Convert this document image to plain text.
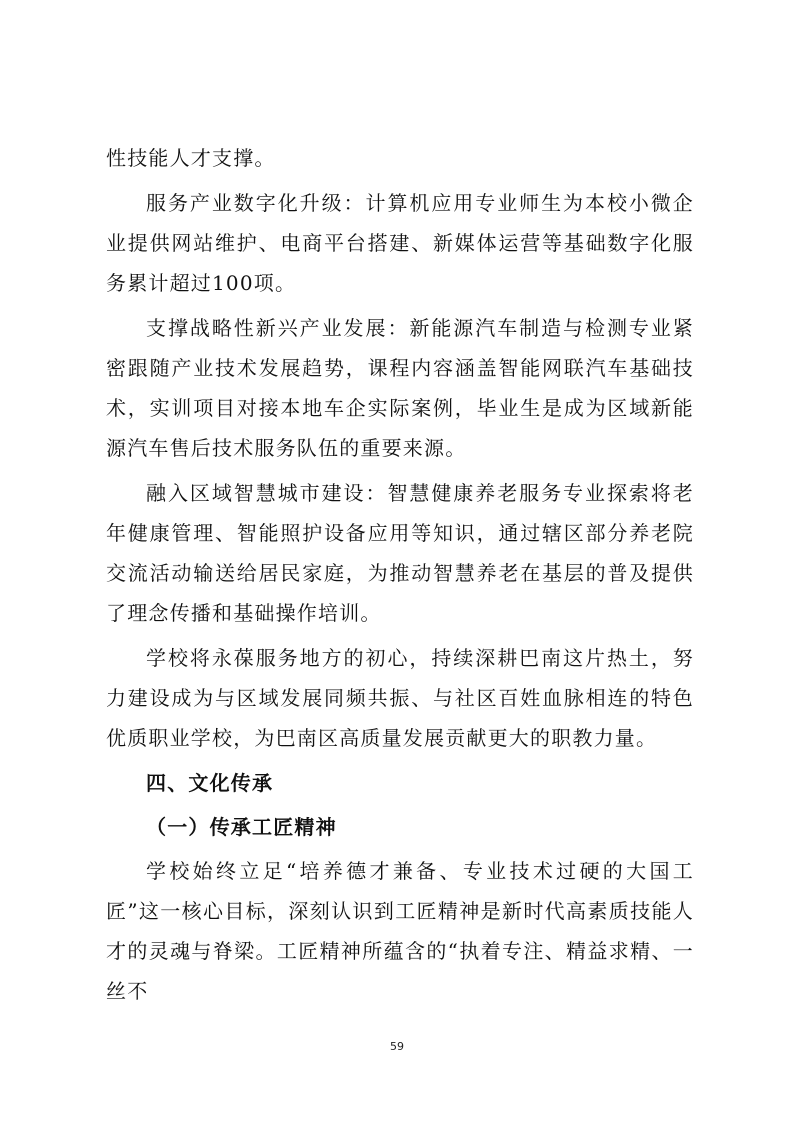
性技能人才支撑。

服务产业数字化升级：计算机应用专业师生为本校小微企业提供网站维护、电商平台搭建、新媒体运营等基础数字化服务累计超过100项。

支撑战略性新兴产业发展：新能源汽车制造与检测专业紧密跟随产业技术发展趋势，课程内容涵盖智能网联汽车基础技术，实训项目对接本地车企实际案例，毕业生是成为区域新能源汽车售后技术服务队伍的重要来源。

融入区域智慧城市建设：智慧健康养老服务专业探索将老年健康管理、智能照护设备应用等知识，通过辖区部分养老院交流活动输送给居民家庭，为推动智慧养老在基层的普及提供了理念传播和基础操作培训。

学校将永葆服务地方的初心，持续深耕巴南这片热土，努力建设成为与区域发展同频共振、与社区百姓血脉相连的特色优质职业学校，为巴南区高质量发展贡献更大的职教力量。

四、文化传承
（一）传承工匠精神

学校始终立足“培养德才兼备、专业技术过硬的大国工匠”这一核心目标，深刻认识到工匠精神是新时代高素质技能人才的灵魂与脊梁。工匠精神所蕴含的“执着专注、精益求精、一丝不

59
